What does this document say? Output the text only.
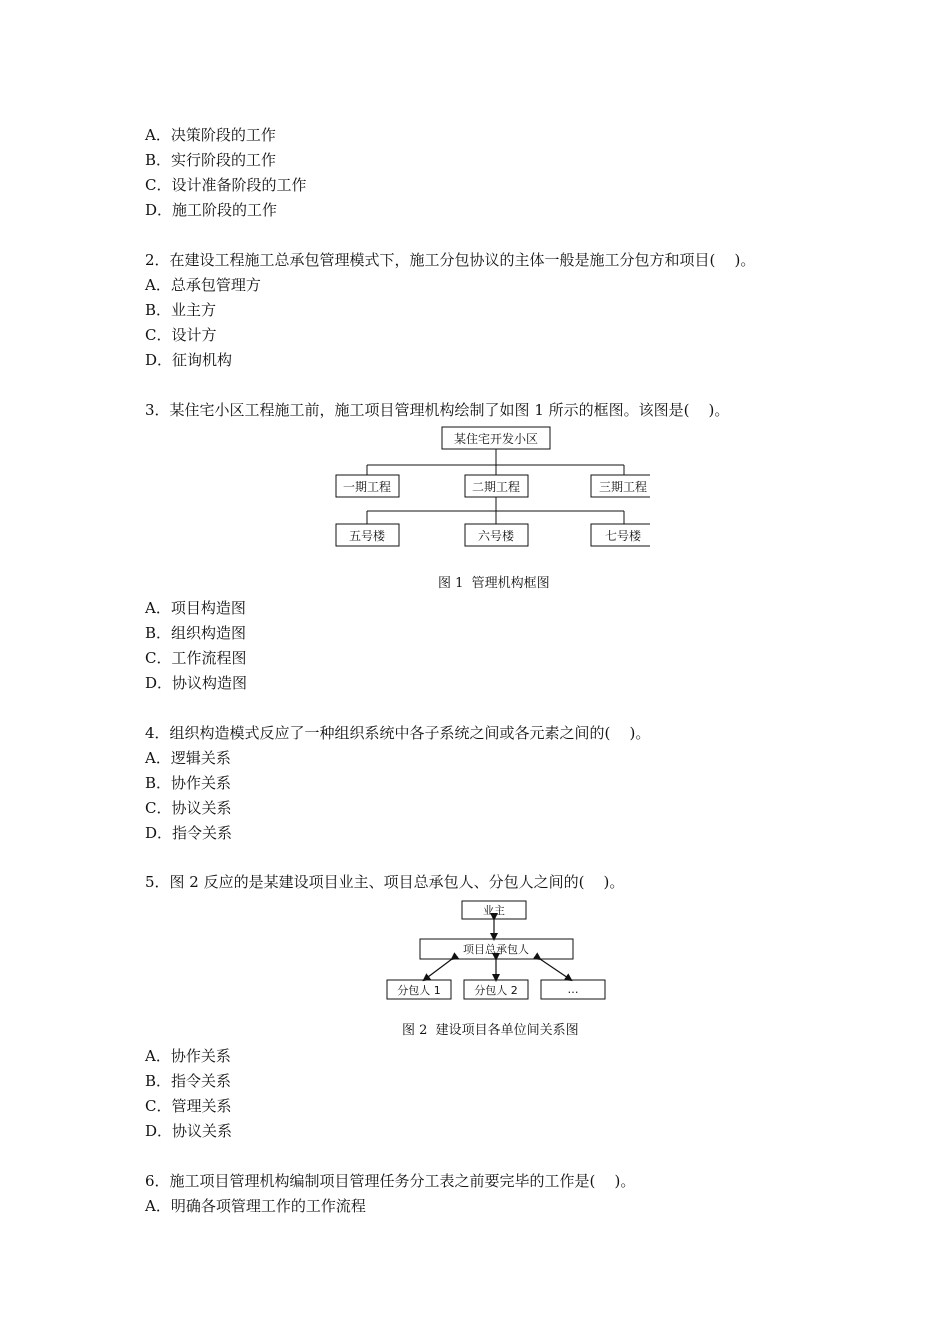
A．决策阶段的工作
B．实行阶段的工作
C．设计准备阶段的工作
D．施工阶段的工作
2．在建设工程施工总承包管理模式下，施工分包协议的主体一般是施工分包方和项目(    )。
A．总承包管理方
B．业主方
C．设计方
D．征询机构
3．某住宅小区工程施工前，施工项目管理机构绘制了如图 1 所示的框图。该图是(    )。
某住宅开发小区
一期工程	二期工程	三期工程
五号楼	六号楼	七号楼
图 1  管理机构框图
A．项目构造图
B．组织构造图
C．工作流程图
D．协议构造图
4．组织构造模式反应了一种组织系统中各子系统之间或各元素之间的(    )。
A．逻辑关系
B．协作关系
C．协议关系
D．指令关系
5．图 2 反应的是某建设项目业主、项目总承包人、分包人之间的(    )。
业主
项目总承包人
分包人 1	分包人 2	…
图 2  建设项目各单位间关系图
A．协作关系
B．指令关系
C．管理关系
D．协议关系
6．施工项目管理机构编制项目管理任务分工表之前要完毕的工作是(    )。
A．明确各项管理工作的工作流程
